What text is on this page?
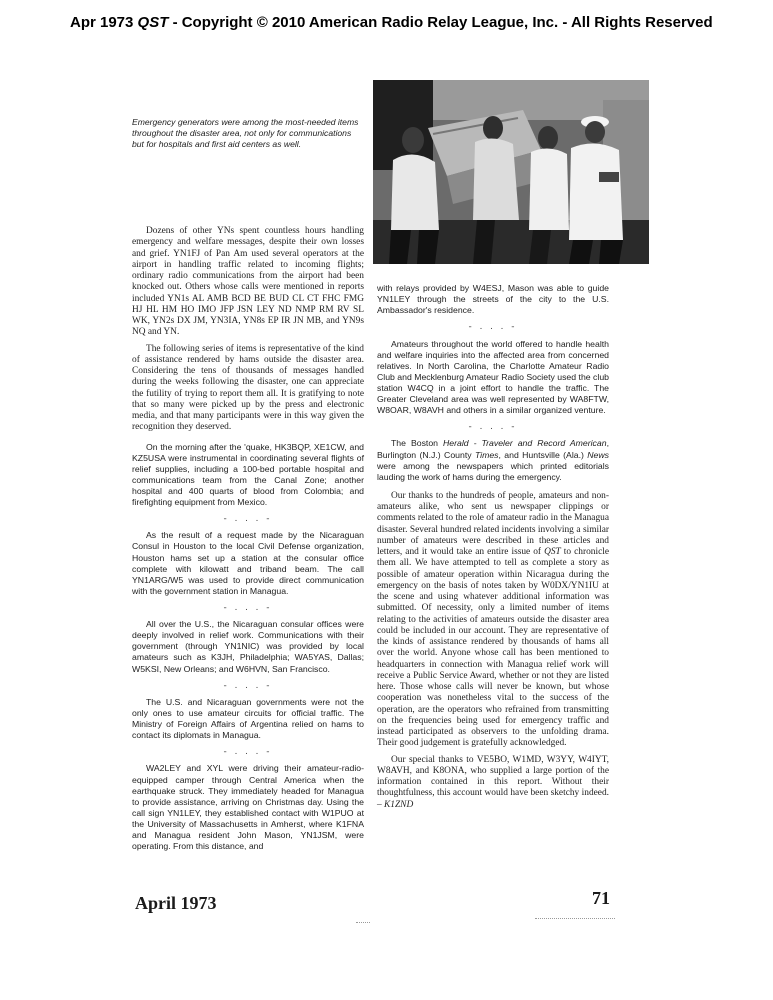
Apr 1973 QST - Copyright © 2010 American Radio Relay League, Inc. - All Rights Reserved
Emergency generators were among the most-needed items throughout the disaster area, not only for communications but for hospitals and first aid centers as well.

Dozens of other YNs spent countless hours handling emergency and welfare messages, despite their own losses and grief. YN1FJ of Pan Am used several operators at the airport in handling traffic related to incoming flights; ordinary radio communications from the airport had been knocked out. Others whose calls were mentioned in reports included YN1s AL AMB BCD BE BUD CL CT FHC FMG HJ HL HM HO IMO JFP JSN LEY ND NMP RM RV SL WK, YN2s DX JM, YN3IA, YN8s EP IR JN MB, and YN9s NQ and YN.

The following series of items is representative of the kind of assistance rendered by hams outside the disaster area. Considering the tens of thousands of messages handled during the weeks following the disaster, one can appreciate the futility of trying to report them all. It is gratifying to note that so many were picked up by the press and electronic media, and that many participants were in this way given the recognition they deserved.

On the morning after the 'quake, HK3BQP, XE1CW, and KZ5USA were instrumental in coordinating several flights of relief supplies, including a 100-bed portable hospital and communications team from the Canal Zone; another hospital and 400 quarts of blood from Colombia; and firefighting equipment from Mexico.

- . . . -

As the result of a request made by the Nicaraguan Consul in Houston to the local Civil Defense organization, Houston hams set up a station at the consular office complete with kilowatt and triband beam. The call YN1ARG/W5 was used to provide direct communication with the government station in Managua.

- . . . -

All over the U.S., the Nicaraguan consular offices were deeply involved in relief work. Communications with their government (through YN1NIC) was provided by local amateurs such as K3JH, Philadelphia; WA5YAS, Dallas; W5KSI, New Orleans; and W6HVN, San Francisco.

- . . . -

The U.S. and Nicaraguan governments were not the only ones to use amateur circuits for official traffic. The Ministry of Foreign Affairs of Argentina relied on hams to contact its diplomats in Managua.

- . . . -

WA2LEY and XYL were driving their amateur-radio-equipped camper through Central America when the earthquake struck. They immediately headed for Managua to provide assistance, arriving on Christmas day. Using the call sign YN1LEY, they established contact with W1PUO at the University of Massachusetts in Amherst, where K1FNA and Managua resident John Mason, YN1JSM, were operating. From this distance, and

with relays provided by W4ESJ, Mason was able to guide YN1LEY through the streets of the city to the U.S. Ambassador's residence.

- . . . -

Amateurs throughout the world offered to handle health and welfare inquiries into the affected area from concerned relatives. In North Carolina, the Charlotte Amateur Radio Club and Mecklenburg Amateur Radio Society used the club station W4CQ in a joint effort to handle the traffic. The Greater Cleveland area was well represented by WA8FTW, W8OAR, W8AVH and others in a similar organized venture.

- . . . -

The Boston Herald - Traveler and Record American, Burlington (N.J.) County Times, and Huntsville (Ala.) News were among the newspapers which printed editorials lauding the work of hams during the emergency.

Our thanks to the hundreds of people, amateurs and non-amateurs alike, who sent us newspaper clippings or comments related to the role of amateur radio in the Managua disaster. Several hundred related incidents involving a similar number of amateurs were described in these articles and letters, and it would take an entire issue of QST to chronicle them all. We have attempted to tell as complete a story as possible of amateur operation within Nicaragua during the emergency on the basis of notes taken by W0DX/YN1IU at the scene and using whatever additional information was submitted. Of necessity, only a limited number of items relating to the activities of amateurs outside the disaster area could be included in our account. They are representative of the kinds of assistance rendered by thousands of hams all over the world. Anyone whose call has been mentioned to headquarters in connection with Managua relief work will receive a Public Service Award, whether or not they are listed here. Those whose calls will never be known, but whose cooperation was nonetheless vital to the success of the operation, are the operators who refrained from transmitting on the frequencies being used for emergency traffic and instead participated as observers to the unfolding drama. Their good judgement is gratefully acknowledged.

Our special thanks to VE5BO, W1MD, W3YY, W4IYT, W8AVH, and K8ONA, who supplied a large portion of the information contained in this report. Without their thoughtfulness, this account would have been sketchy indeed. – K1ZND

April 1973	71
